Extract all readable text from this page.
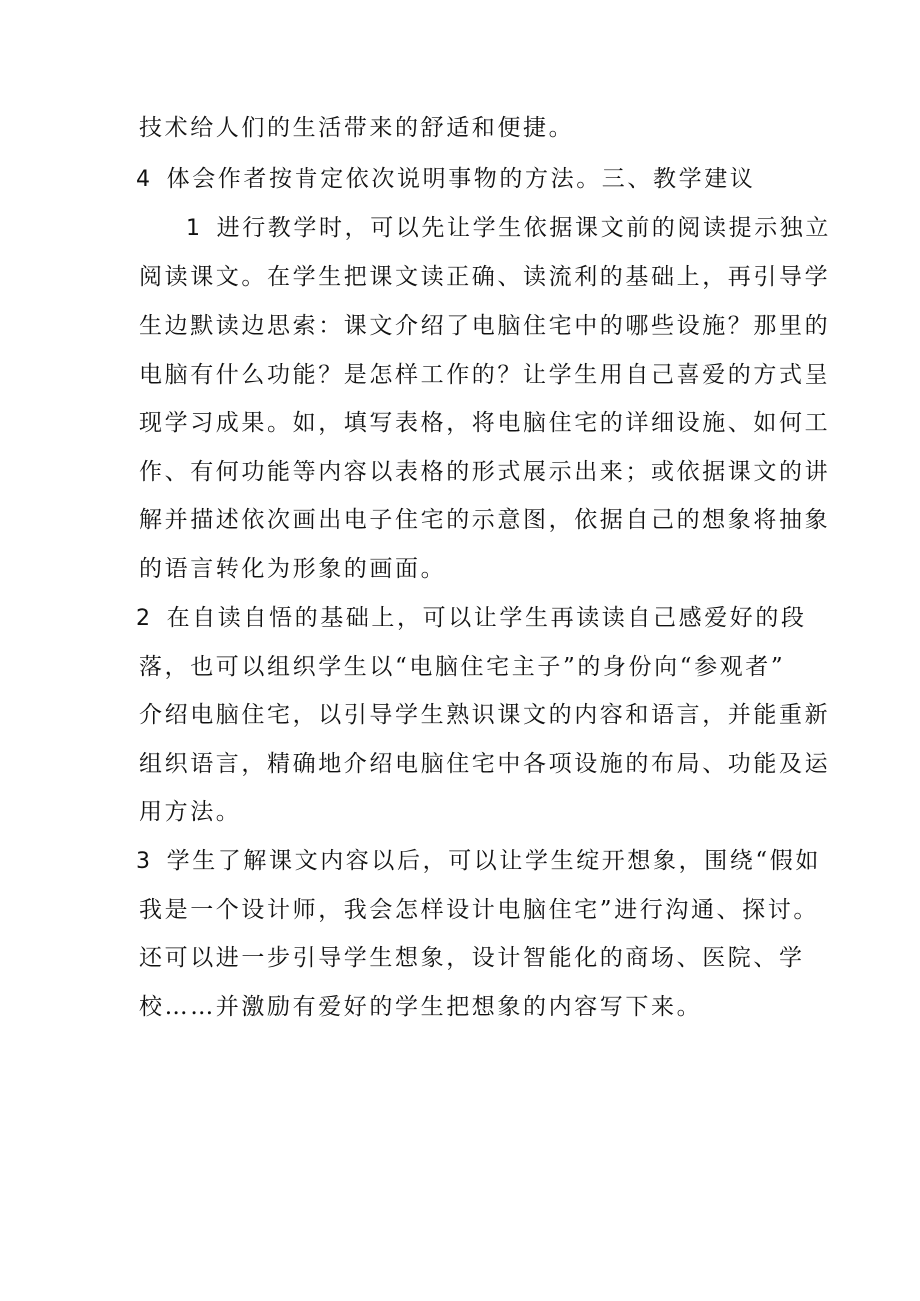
技术给人们的生活带来的舒适和便捷。
4 体会作者按肯定依次说明事物的方法。三、教学建议
1 进行教学时，可以先让学生依据课文前的阅读提示独立
阅读课文。在学生把课文读正确、读流利的基础上，再引导学
生边默读边思索：课文介绍了电脑住宅中的哪些设施？那里的
电脑有什么功能？是怎样工作的？让学生用自己喜爱的方式呈
现学习成果。如，填写表格，将电脑住宅的详细设施、如何工
作、有何功能等内容以表格的形式展示出来；或依据课文的讲
解并描述依次画出电子住宅的示意图，依据自己的想象将抽象
的语言转化为形象的画面。
2 在自读自悟的基础上，可以让学生再读读自己感爱好的段
落，也可以组织学生以“电脑住宅主子”的身份向“参观者”
介绍电脑住宅，以引导学生熟识课文的内容和语言，并能重新
组织语言，精确地介绍电脑住宅中各项设施的布局、功能及运
用方法。
3 学生了解课文内容以后，可以让学生绽开想象，围绕“假如
我是一个设计师，我会怎样设计电脑住宅”进行沟通、探讨。
还可以进一步引导学生想象，设计智能化的商场、医院、学
校……并激励有爱好的学生把想象的内容写下来。
